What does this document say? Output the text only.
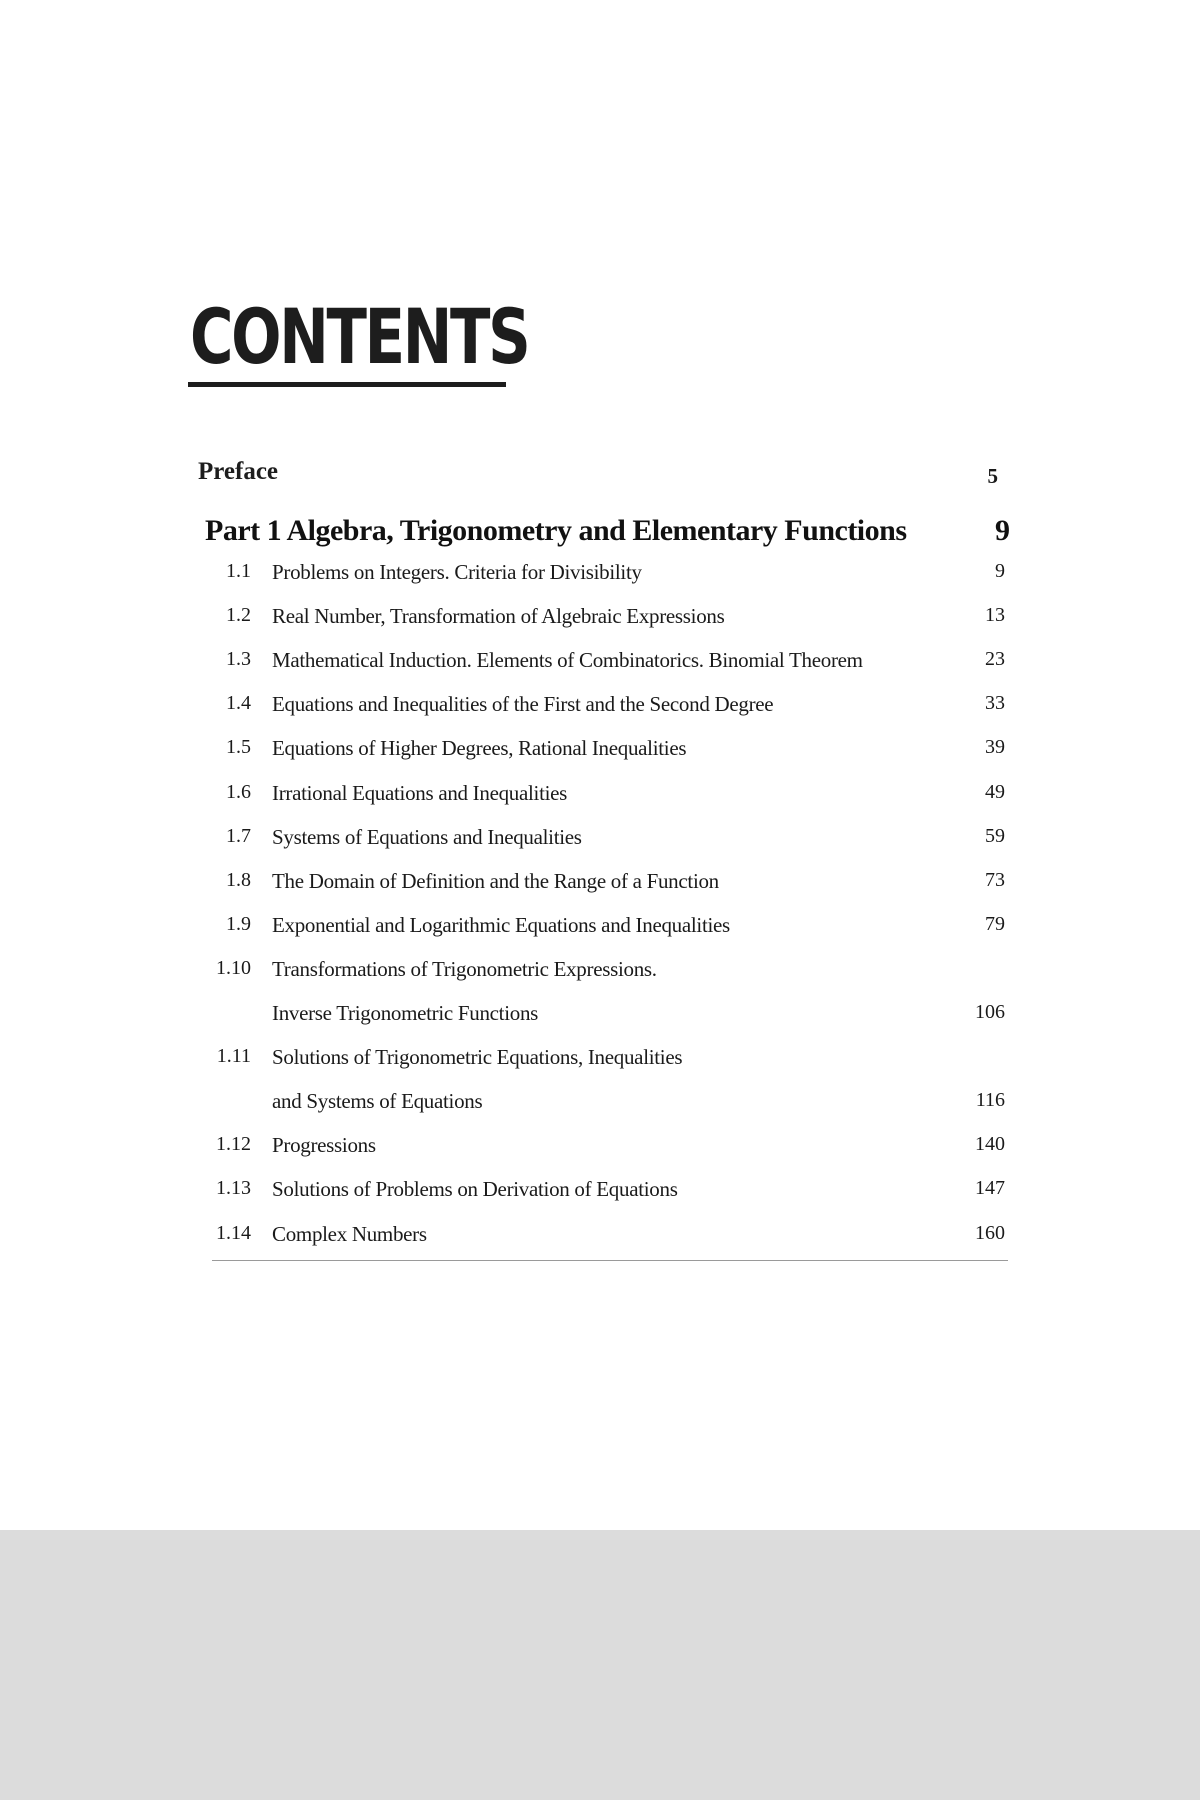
CONTENTS
Preface	5
Part 1 Algebra, Trigonometry and Elementary Functions	9
1.1 Problems on Integers. Criteria for Divisibility	9
1.2 Real Number, Transformation of Algebraic Expressions	13
1.3 Mathematical Induction. Elements of Combinatorics. Binomial Theorem	23
1.4 Equations and Inequalities of the First and the Second Degree	33
1.5 Equations of Higher Degrees, Rational Inequalities	39
1.6 Irrational Equations and Inequalities	49
1.7 Systems of Equations and Inequalities	59
1.8 The Domain of Definition and the Range of a Function	73
1.9 Exponential and Logarithmic Equations and Inequalities	79
1.10 Transformations of Trigonometric Expressions.
Inverse Trigonometric Functions	106
1.11 Solutions of Trigonometric Equations, Inequalities
and Systems of Equations	116
1.12 Progressions	140
1.13 Solutions of Problems on Derivation of Equations	147
1.14 Complex Numbers	160
